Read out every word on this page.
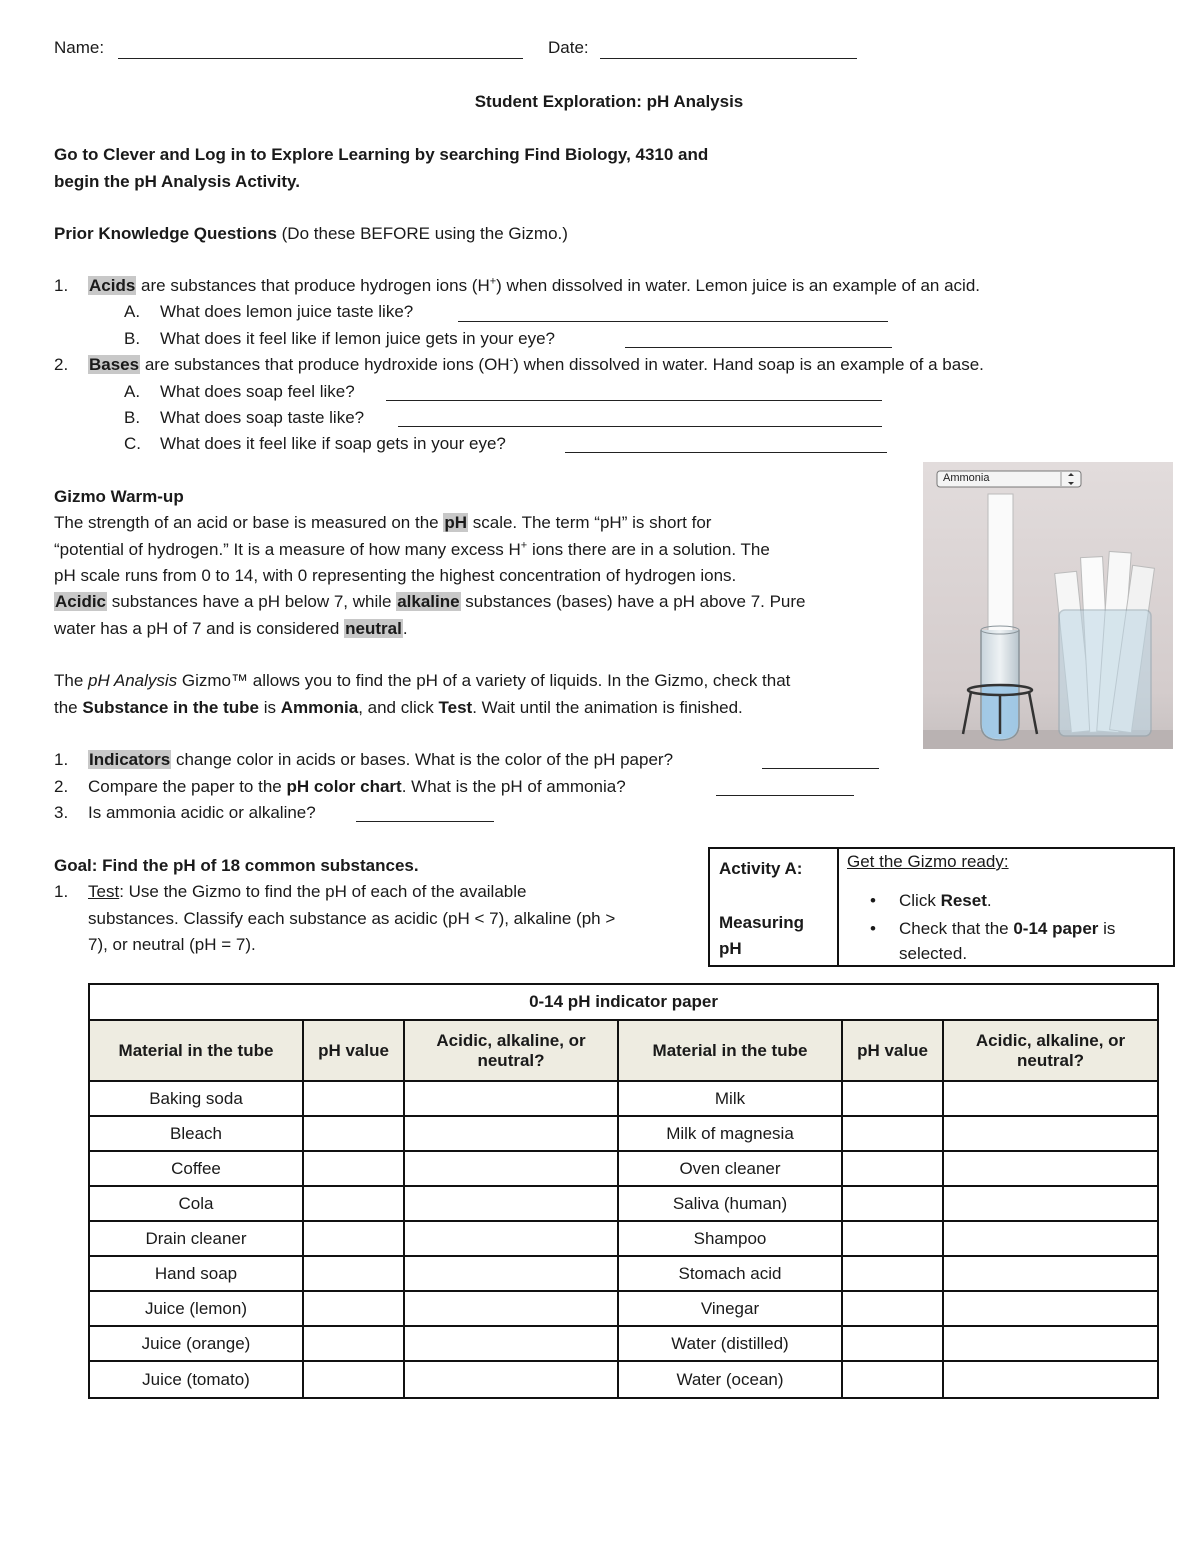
Name:	Date:
Student Exploration: pH Analysis
Go to Clever and Log in to Explore Learning by searching Find Biology, 4310 and
begin the pH Analysis Activity.
Prior Knowledge Questions (Do these BEFORE using the Gizmo.)
1. Acids are substances that produce hydrogen ions (H+) when dissolved in water. Lemon juice is an example of an acid.
A. What does lemon juice taste like?
B. What does it feel like if lemon juice gets in your eye?
2. Bases are substances that produce hydroxide ions (OH-) when dissolved in water. Hand soap is an example of a base.
A. What does soap feel like?
B. What does soap taste like?
C. What does it feel like if soap gets in your eye?
Gizmo Warm-up
The strength of an acid or base is measured on the pH scale. The term “pH” is short for
“potential of hydrogen.” It is a measure of how many excess H+ ions there are in a solution. The
pH scale runs from 0 to 14, with 0 representing the highest concentration of hydrogen ions.
Acidic substances have a pH below 7, while alkaline substances (bases) have a pH above 7. Pure
water has a pH of 7 and is considered neutral.
The pH Analysis Gizmo™ allows you to find the pH of a variety of liquids. In the Gizmo, check that
the Substance in the tube is Ammonia, and click Test. Wait until the animation is finished.
1. Indicators change color in acids or bases. What is the color of the pH paper?
2. Compare the paper to the pH color chart. What is the pH of ammonia?
3. Is ammonia acidic or alkaline?
Ammonia
Goal: Find the pH of 18 common substances.
1. Test: Use the Gizmo to find the pH of each of the available
substances. Classify each substance as acidic (pH < 7), alkaline (ph >
7), or neutral (pH = 7).
Activity A:
Measuring
pH
Get the Gizmo ready:
• Click Reset.
• Check that the 0-14 paper is
selected.
0-14 pH indicator paper					
Material in the tube	pH value	Acidic, alkaline, or neutral?	Material in the tube	pH value	Acidic, alkaline, or neutral?
Baking soda			Milk		
Bleach			Milk of magnesia		
Coffee			Oven cleaner		
Cola			Saliva (human)		
Drain cleaner			Shampoo		
Hand soap			Stomach acid		
Juice (lemon)			Vinegar		
Juice (orange)			Water (distilled)		
Juice (tomato)			Water (ocean)		
